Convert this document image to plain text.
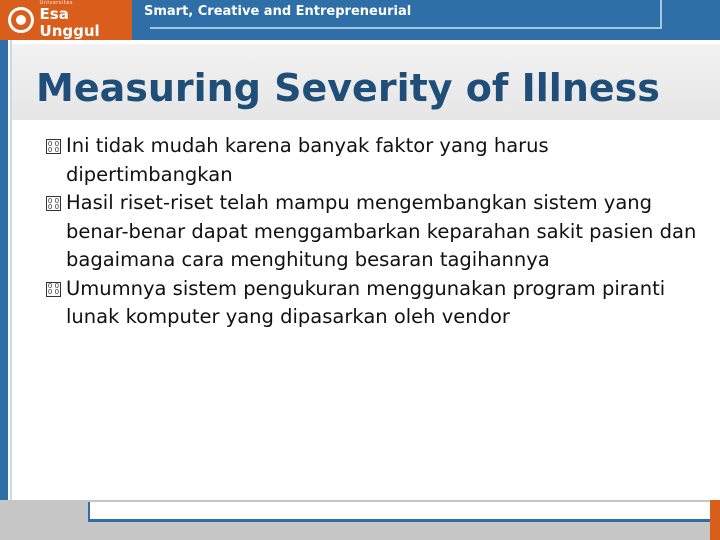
Universitas
Esa Unggul
Smart, Creative and Entrepreneurial
Measuring Severity of Illness
0 0
0 0 Ini tidak mudah karena banyak faktor yang harus dipertimbangkan
0 0
0 0 Hasil riset-riset telah mampu mengembangkan sistem yang benar-benar dapat menggambarkan keparahan sakit pasien dan bagaimana cara menghitung besaran tagihannya
0 0
0 0 Umumnya sistem pengukuran menggunakan program piranti lunak komputer yang dipasarkan oleh vendor
